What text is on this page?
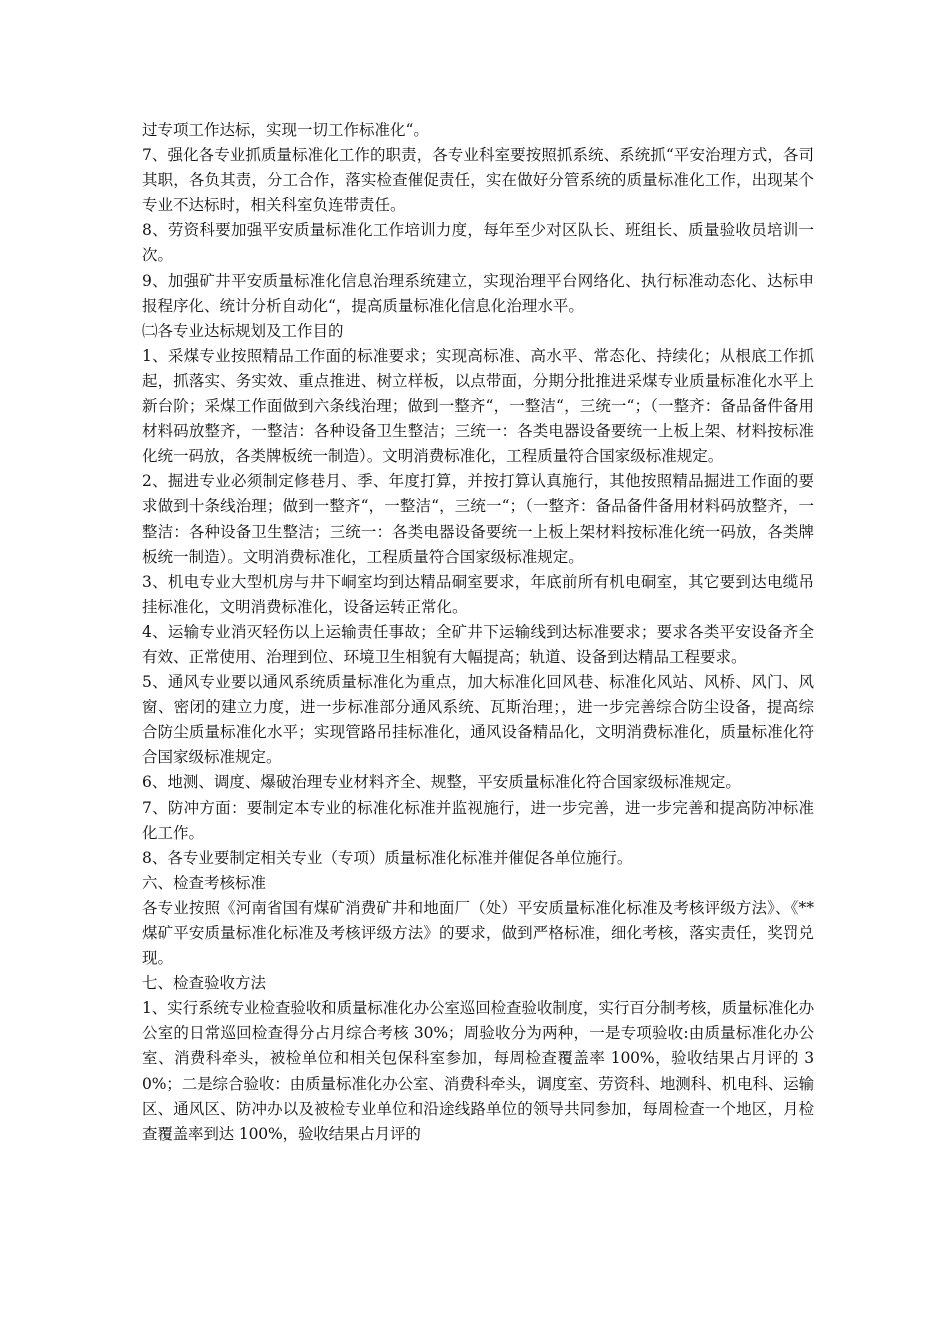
过专项工作达标，实现一切工作标准化“。

7、强化各专业抓质量标准化工作的职责，各专业科室要按照抓系统、系统抓“平安治理方式，各司其职，各负其责，分工合作，落实检查催促责任，实在做好分管系统的质量标准化工作，出现某个专业不达标时，相关科室负连带责任。

8、劳资科要加强平安质量标准化工作培训力度，每年至少对区队长、班组长、质量验收员培训一次。

9、加强矿井平安质量标准化信息治理系统建立，实现治理平台网络化、执行标准动态化、达标申报程序化、统计分析自动化“，提高质量标准化信息化治理水平。

㈡各专业达标规划及工作目的

1、采煤专业按照精品工作面的标准要求；实现高标准、高水平、常态化、持续化；从根底工作抓起，抓落实、务实效、重点推进、树立样板，以点带面，分期分批推进采煤专业质量标准化水平上新台阶；采煤工作面做到六条线治理；做到一整齐“，一整洁“，三统一“；（一整齐：备品备件备用材料码放整齐，一整洁：各种设备卫生整洁；三统一：各类电器设备要统一上板上架、材料按标准化统一码放，各类牌板统一制造）。文明消费标准化，工程质量符合国家级标准规定。

2、掘进专业必须制定修巷月、季、年度打算，并按打算认真施行，其他按照精品掘进工作面的要求做到十条线治理；做到一整齐“，一整洁“，三统一“；（一整齐：备品备件备用材料码放整齐，一整洁：各种设备卫生整洁；三统一：各类电器设备要统一上板上架材料按标准化统一码放，各类牌板统一制造）。文明消费标准化，工程质量符合国家级标准规定。

3、机电专业大型机房与井下峒室均到达精品硐室要求，年底前所有机电硐室，其它要到达电缆吊挂标准化，文明消费标准化，设备运转正常化。

4、运输专业消灭轻伤以上运输责任事故；全矿井下运输线到达标准要求；要求各类平安设备齐全有效、正常使用、治理到位、环境卫生相貌有大幅提高；轨道、设备到达精品工程要求。

5、通风专业要以通风系统质量标准化为重点，加大标准化回风巷、标准化风站、风桥、风门、风窗、密闭的建立力度，进一步标准部分通风系统、瓦斯治理；，进一步完善综合防尘设备，提高综合防尘质量标准化水平；实现管路吊挂标准化，通风设备精品化，文明消费标准化，质量标准化符合国家级标准规定。

6、地测、调度、爆破治理专业材料齐全、规整，平安质量标准化符合国家级标准规定。

7、防冲方面：要制定本专业的标准化标准并监视施行，进一步完善，进一步完善和提高防冲标准化工作。

8、各专业要制定相关专业（专项）质量标准化标准并催促各单位施行。

六、检查考核标准

各专业按照《河南省国有煤矿消费矿井和地面厂（处）平安质量标准化标准及考核评级方法》、《**煤矿平安质量标准化标准及考核评级方法》的要求，做到严格标准，细化考核，落实责任，奖罚兑现。

七、检查验收方法

1、实行系统专业检查验收和质量标准化办公室巡回检查验收制度，实行百分制考核，质量标准化办公室的日常巡回检查得分占月综合考核 30%；周验收分为两种，一是专项验收:由质量标准化办公室、消费科牵头，被检单位和相关包保科室参加，每周检查覆盖率 100%，验收结果占月评的 30%；二是综合验收：由质量标准化办公室、消费科牵头，调度室、劳资科、地测科、机电科、运输区、通风区、防冲办以及被检专业单位和沿途线路单位的领导共同参加，每周检查一个地区，月检查覆盖率到达 100%，验收结果占月评的
